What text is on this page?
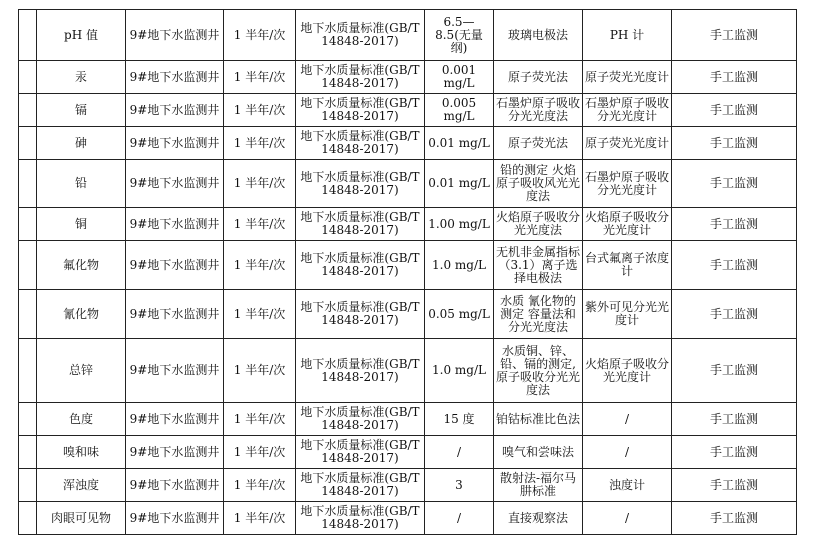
	pH 值	9#地下水监测井	1 半年/次	地下水质量标准(GB/T 14848-2017)	6.5—8.5(无量纲)	玻璃电极法	PH 计	手工监测
	汞	9#地下水监测井	1 半年/次	地下水质量标准(GB/T 14848-2017)	0.001 mg/L	原子荧光法	原子荧光光度计	手工监测
	镉	9#地下水监测井	1 半年/次	地下水质量标准(GB/T 14848-2017)	0.005 mg/L	石墨炉原子吸收分光光度法	石墨炉原子吸收分光光度计	手工监测
	砷	9#地下水监测井	1 半年/次	地下水质量标准(GB/T 14848-2017)	0.01 mg/L	原子荧光法	原子荧光光度计	手工监测
	铅	9#地下水监测井	1 半年/次	地下水质量标准(GB/T 14848-2017)	0.01 mg/L	铅的测定 火焰原子吸收风光光度法	石墨炉原子吸收分光光度计	手工监测
	铜	9#地下水监测井	1 半年/次	地下水质量标准(GB/T 14848-2017)	1.00 mg/L	火焰原子吸收分光光度法	火焰原子吸收分光光度计	手工监测
	氟化物	9#地下水监测井	1 半年/次	地下水质量标准(GB/T 14848-2017)	1.0 mg/L	无机非金属指标（3.1）离子选择电极法	台式氟离子浓度计	手工监测
	氰化物	9#地下水监测井	1 半年/次	地下水质量标准(GB/T 14848-2017)	0.05 mg/L	水质 氰化物的测定 容量法和分光光度法	紫外可见分光光度计	手工监测
	总锌	9#地下水监测井	1 半年/次	地下水质量标准(GB/T 14848-2017)	1.0 mg/L	水质铜、锌、铅、镉的测定,原子吸收分光光度法	火焰原子吸收分光光度计	手工监测
	色度	9#地下水监测井	1 半年/次	地下水质量标准(GB/T 14848-2017)	15 度	铂钴标准比色法	/	手工监测
	嗅和味	9#地下水监测井	1 半年/次	地下水质量标准(GB/T 14848-2017)	/	嗅气和尝味法	/	手工监测
	浑浊度	9#地下水监测井	1 半年/次	地下水质量标准(GB/T 14848-2017)	3	散射法-福尔马肼标准	浊度计	手工监测
	肉眼可见物	9#地下水监测井	1 半年/次	地下水质量标准(GB/T 14848-2017)	/	直接观察法	/	手工监测
